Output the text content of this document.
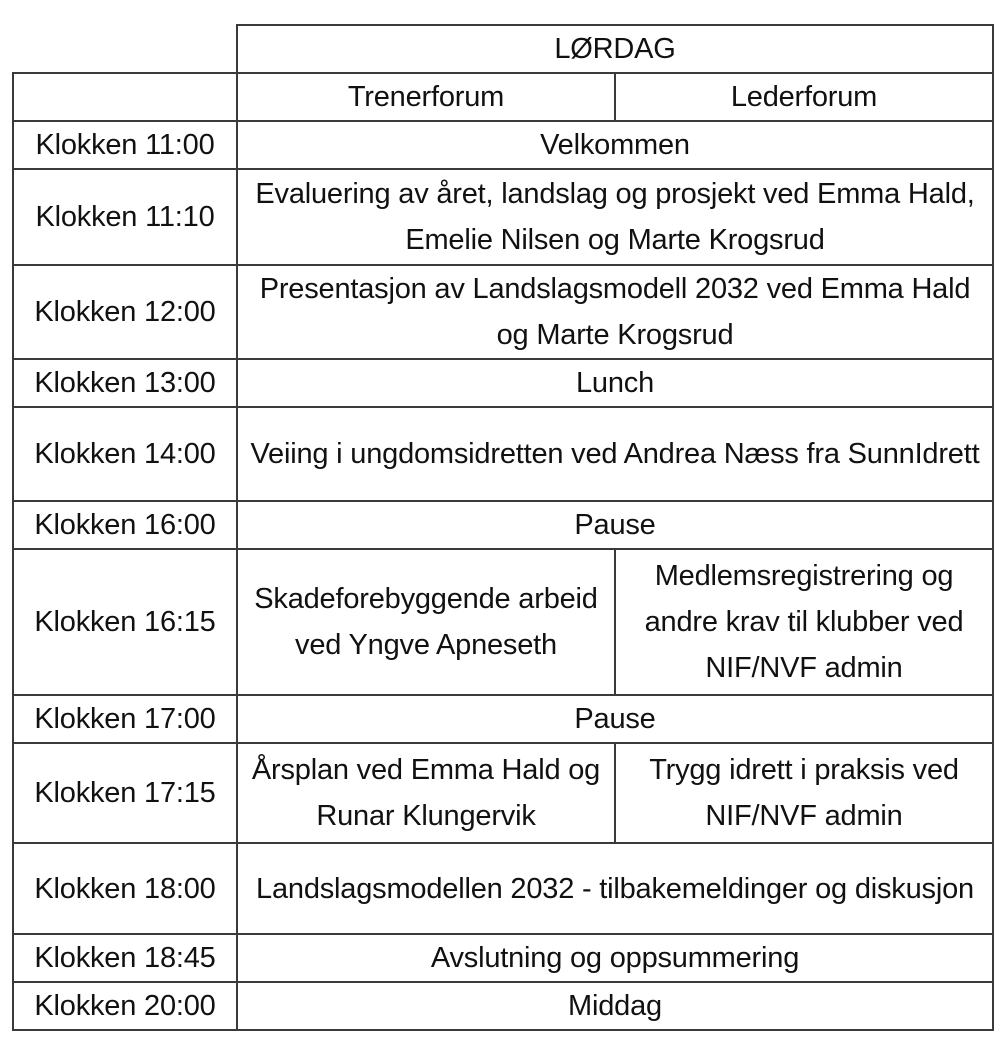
	LØRDAG	
	Trenerforum	Lederforum
Klokken 11:00	Velkommen	
Klokken 11:10	Evaluering av året, landslag og prosjekt ved Emma Hald, Emelie Nilsen og Marte Krogsrud	
Klokken 12:00	Presentasjon av Landslagsmodell 2032 ved Emma Hald og Marte Krogsrud	
Klokken 13:00	Lunch	
Klokken 14:00	Veiing i ungdomsidretten ved Andrea Næss fra SunnIdrett	
Klokken 16:00	Pause	
Klokken 16:15	Skadeforebyggende arbeid ved Yngve Apneseth	Medlemsregistrering og andre krav til klubber ved NIF/NVF admin
Klokken 17:00	Pause	
Klokken 17:15	Årsplan ved Emma Hald og Runar Klungervik	Trygg idrett i praksis ved NIF/NVF admin
Klokken 18:00	Landslagsmodellen 2032 - tilbakemeldinger og diskusjon	
Klokken 18:45	Avslutning og oppsummering	
Klokken 20:00	Middag	
